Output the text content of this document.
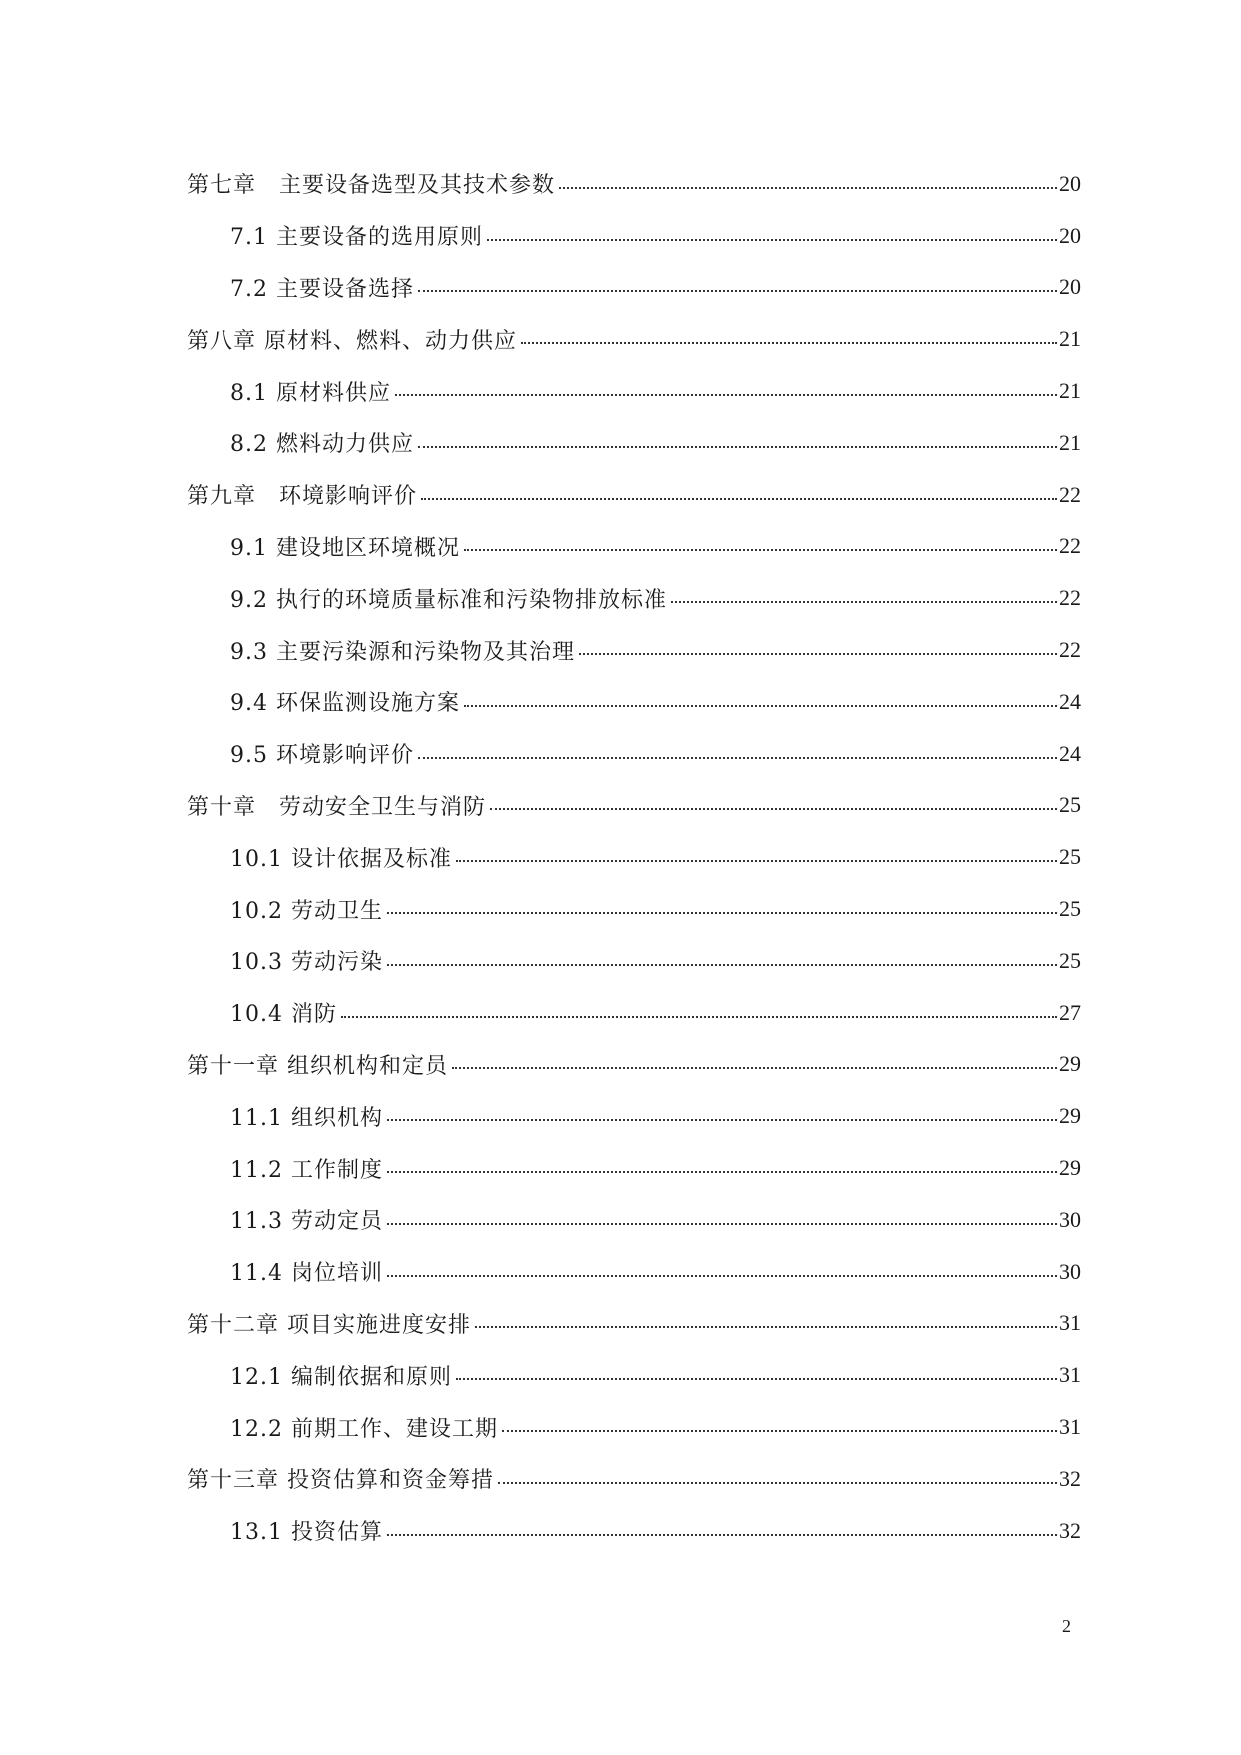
第七章　主要设备选型及其技术参数	20
7.1 主要设备的选用原则	20
7.2 主要设备选择	20
第八章 原材料、燃料、动力供应	21
8.1 原材料供应	21
8.2 燃料动力供应	21
第九章　环境影响评价	22
9.1 建设地区环境概况	22
9.2 执行的环境质量标准和污染物排放标准	22
9.3 主要污染源和污染物及其治理	22
9.4 环保监测设施方案	24
9.5 环境影响评价	24
第十章　劳动安全卫生与消防	25
10.1 设计依据及标准	25
10.2 劳动卫生	25
10.3 劳动污染	25
10.4 消防	27
第十一章 组织机构和定员	29
11.1 组织机构	29
11.2 工作制度	29
11.3 劳动定员	30
11.4 岗位培训	30
第十二章 项目实施进度安排	31
12.1 编制依据和原则	31
12.2 前期工作、建设工期	31
第十三章 投资估算和资金筹措	32
13.1 投资估算	32
2
